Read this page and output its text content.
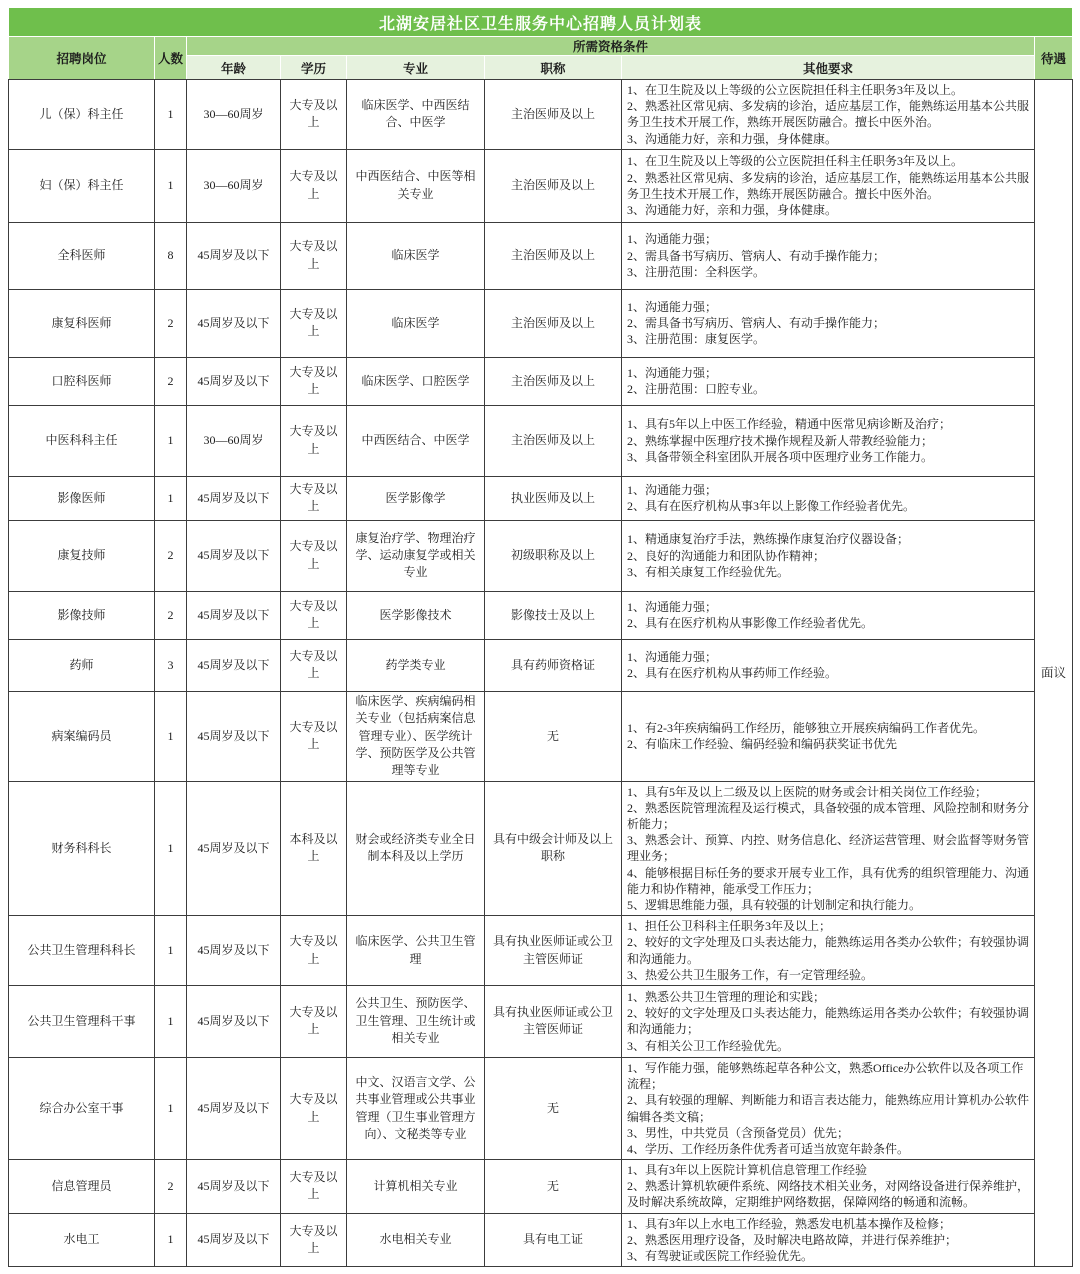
北湖安居社区卫生服务中心招聘人员计划表							
招聘岗位	人数	所需资格条件					待遇
		年龄	学历	专业	职称	其他要求	
儿（保）科主任	1	30—60周岁	大专及以上	临床医学、中西医结合、中医学	主治医师及以上	1、在卫生院及以上等级的公立医院担任科主任职务3年及以上。
2、熟悉社区常见病、多发病的诊治，适应基层工作，能熟练运用基本公共服务卫生技术开展工作，熟练开展医防融合。擅长中医外治。
3、沟通能力好，亲和力强，身体健康。	面议
妇（保）科主任	1	30—60周岁	大专及以上	中西医结合、中医等相关专业	主治医师及以上	1、在卫生院及以上等级的公立医院担任科主任职务3年及以上。
2、熟悉社区常见病、多发病的诊治，适应基层工作，能熟练运用基本公共服务卫生技术开展工作，熟练开展医防融合。擅长中医外治。
3、沟通能力好，亲和力强，身体健康。	

全科医师	8	45周岁及以下	大专及以上	临床医学	主治医师及以上	1、沟通能力强；
2、需具备书写病历、管病人、有动手操作能力；
3、注册范围：全科医学。	

康复科医师	2	45周岁及以下	大专及以上	临床医学	主治医师及以上	1、沟通能力强；
2、需具备书写病历、管病人、有动手操作能力；
3、注册范围：康复医学。	

口腔科医师	2	45周岁及以下	大专及以上	临床医学、口腔医学	主治医师及以上	1、沟通能力强；
2、注册范围：口腔专业。	

中医科科主任	1	30—60周岁	大专及以上	中西医结合、中医学	主治医师及以上	1、具有5年以上中医工作经验，精通中医常见病诊断及治疗；
2、熟练掌握中医理疗技术操作规程及新人带教经验能力；
3、具备带领全科室团队开展各项中医理疗业务工作能力。	

影像医师	1	45周岁及以下	大专及以上	医学影像学	执业医师及以上	1、沟通能力强；
2、具有在医疗机构从事3年以上影像工作经验者优先。	

康复技师	2	45周岁及以下	大专及以上	康复治疗学、物理治疗学、运动康复学或相关专业	初级职称及以上	1、精通康复治疗手法，熟练操作康复治疗仪器设备；
2、良好的沟通能力和团队协作精神；
3、有相关康复工作经验优先。	

影像技师	2	45周岁及以下	大专及以上	医学影像技术	影像技士及以上	1、沟通能力强；
2、具有在医疗机构从事影像工作经验者优先。	

药师	3	45周岁及以下	大专及以上	药学类专业	具有药师资格证	1、沟通能力强；
2、具有在医疗机构从事药师工作经验。	

病案编码员	1	45周岁及以下	大专及以上	临床医学、疾病编码相关专业（包括病案信息管理专业）、医学统计学、预防医学及公共管理等专业	无	1、有2-3年疾病编码工作经历，能够独立开展疾病编码工作者优先。
2、有临床工作经验、编码经验和编码获奖证书优先	

财务科科长	1	45周岁及以下	本科及以上	财会或经济类专业全日制本科及以上学历	具有中级会计师及以上职称	1、具有5年及以上二级及以上医院的财务或会计相关岗位工作经验；
2、熟悉医院管理流程及运行模式，具备较强的成本管理、风险控制和财务分析能力；
3、熟悉会计、预算、内控、财务信息化、经济运营管理、财会监督等财务管理业务；
4、能够根据目标任务的要求开展专业工作，具有优秀的组织管理能力、沟通能力和协作精神，能承受工作压力；
5、逻辑思维能力强，具有较强的计划制定和执行能力。	

公共卫生管理科科长	1	45周岁及以下	大专及以上	临床医学、公共卫生管理	具有执业医师证或公卫主管医师证	1、担任公卫科科主任职务3年及以上；
2、较好的文字处理及口头表达能力，能熟练运用各类办公软件；有较强协调和沟通能力。
3、热爱公共卫生服务工作，有一定管理经验。	

公共卫生管理科干事	1	45周岁及以下	大专及以上	公共卫生、预防医学、卫生管理、卫生统计或相关专业	具有执业医师证或公卫主管医师证	1、熟悉公共卫生管理的理论和实践；
2、较好的文字处理及口头表达能力，能熟练运用各类办公软件；有较强协调和沟通能力；
3、有相关公卫工作经验优先。	

综合办公室干事	1	45周岁及以下	大专及以上	中文、汉语言文学、公共事业管理或公共事业管理（卫生事业管理方向）、文秘类等专业	无	1、写作能力强，能够熟练起草各种公文，熟悉Office办公软件以及各项工作流程；
2、具有较强的理解、判断能力和语言表达能力，能熟练应用计算机办公软件编辑各类文稿；
3、男性，中共党员（含预备党员）优先；
4、学历、工作经历条件优秀者可适当放宽年龄条件。	

信息管理员	2	45周岁及以下	大专及以上	计算机相关专业	无	1、具有3年以上医院计算机信息管理工作经验
2、熟悉计算机软硬件系统、网络技术相关业务，对网络设备进行保养维护，及时解决系统故障，定期维护网络数据，保障网络的畅通和流畅。	

水电工	1	45周岁及以下	大专及以上	水电相关专业	具有电工证	1、具有3年以上水电工作经验，熟悉发电机基本操作及检修；
2、熟悉医用理疗设备，及时解决电路故障，并进行保养维护；
3、有驾驶证或医院工作经验优先。	
